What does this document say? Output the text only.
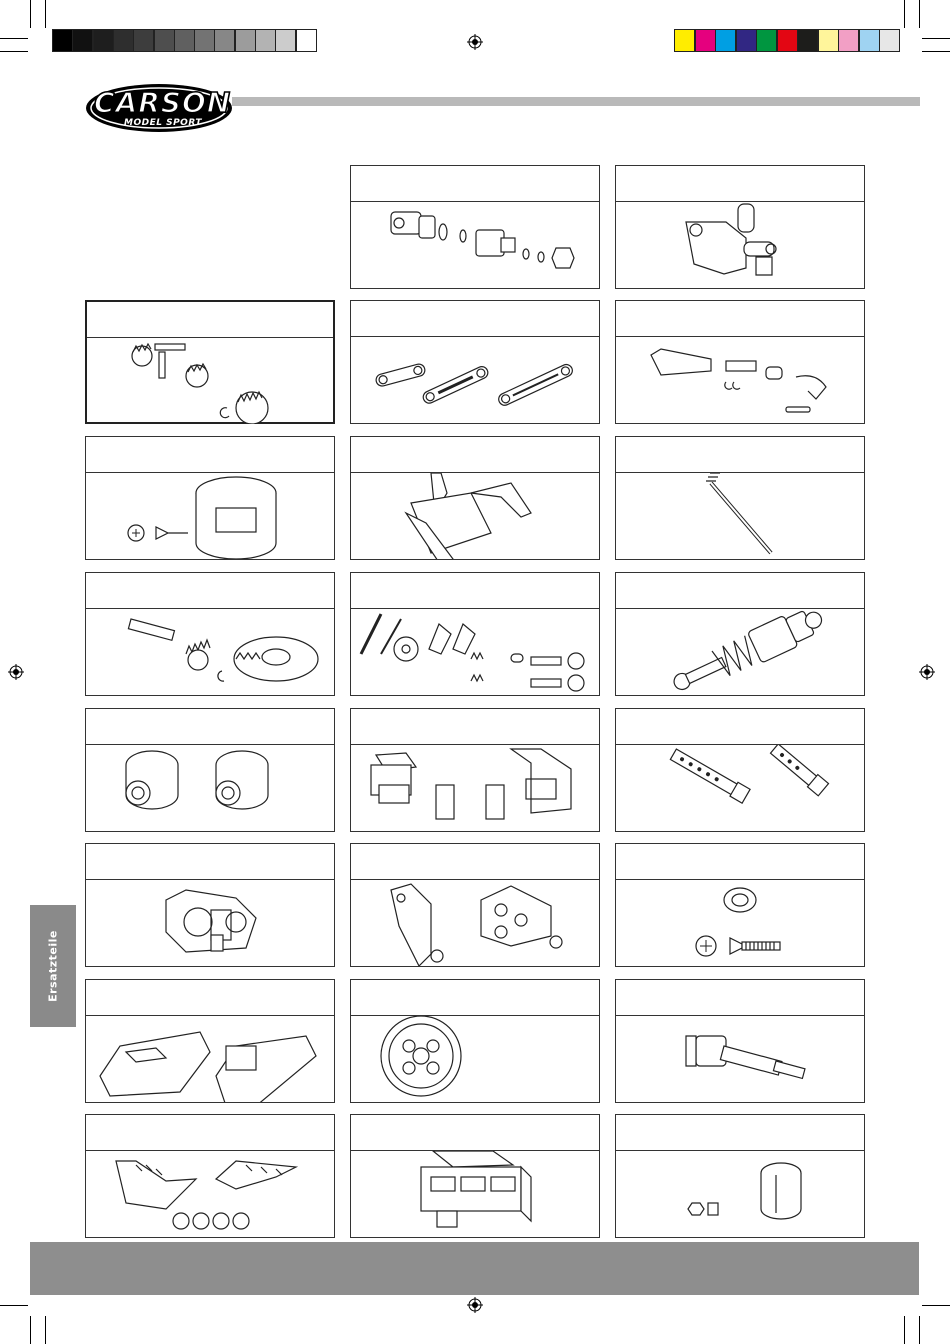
CARSON
MODEL SPORT
Ersatzteile
